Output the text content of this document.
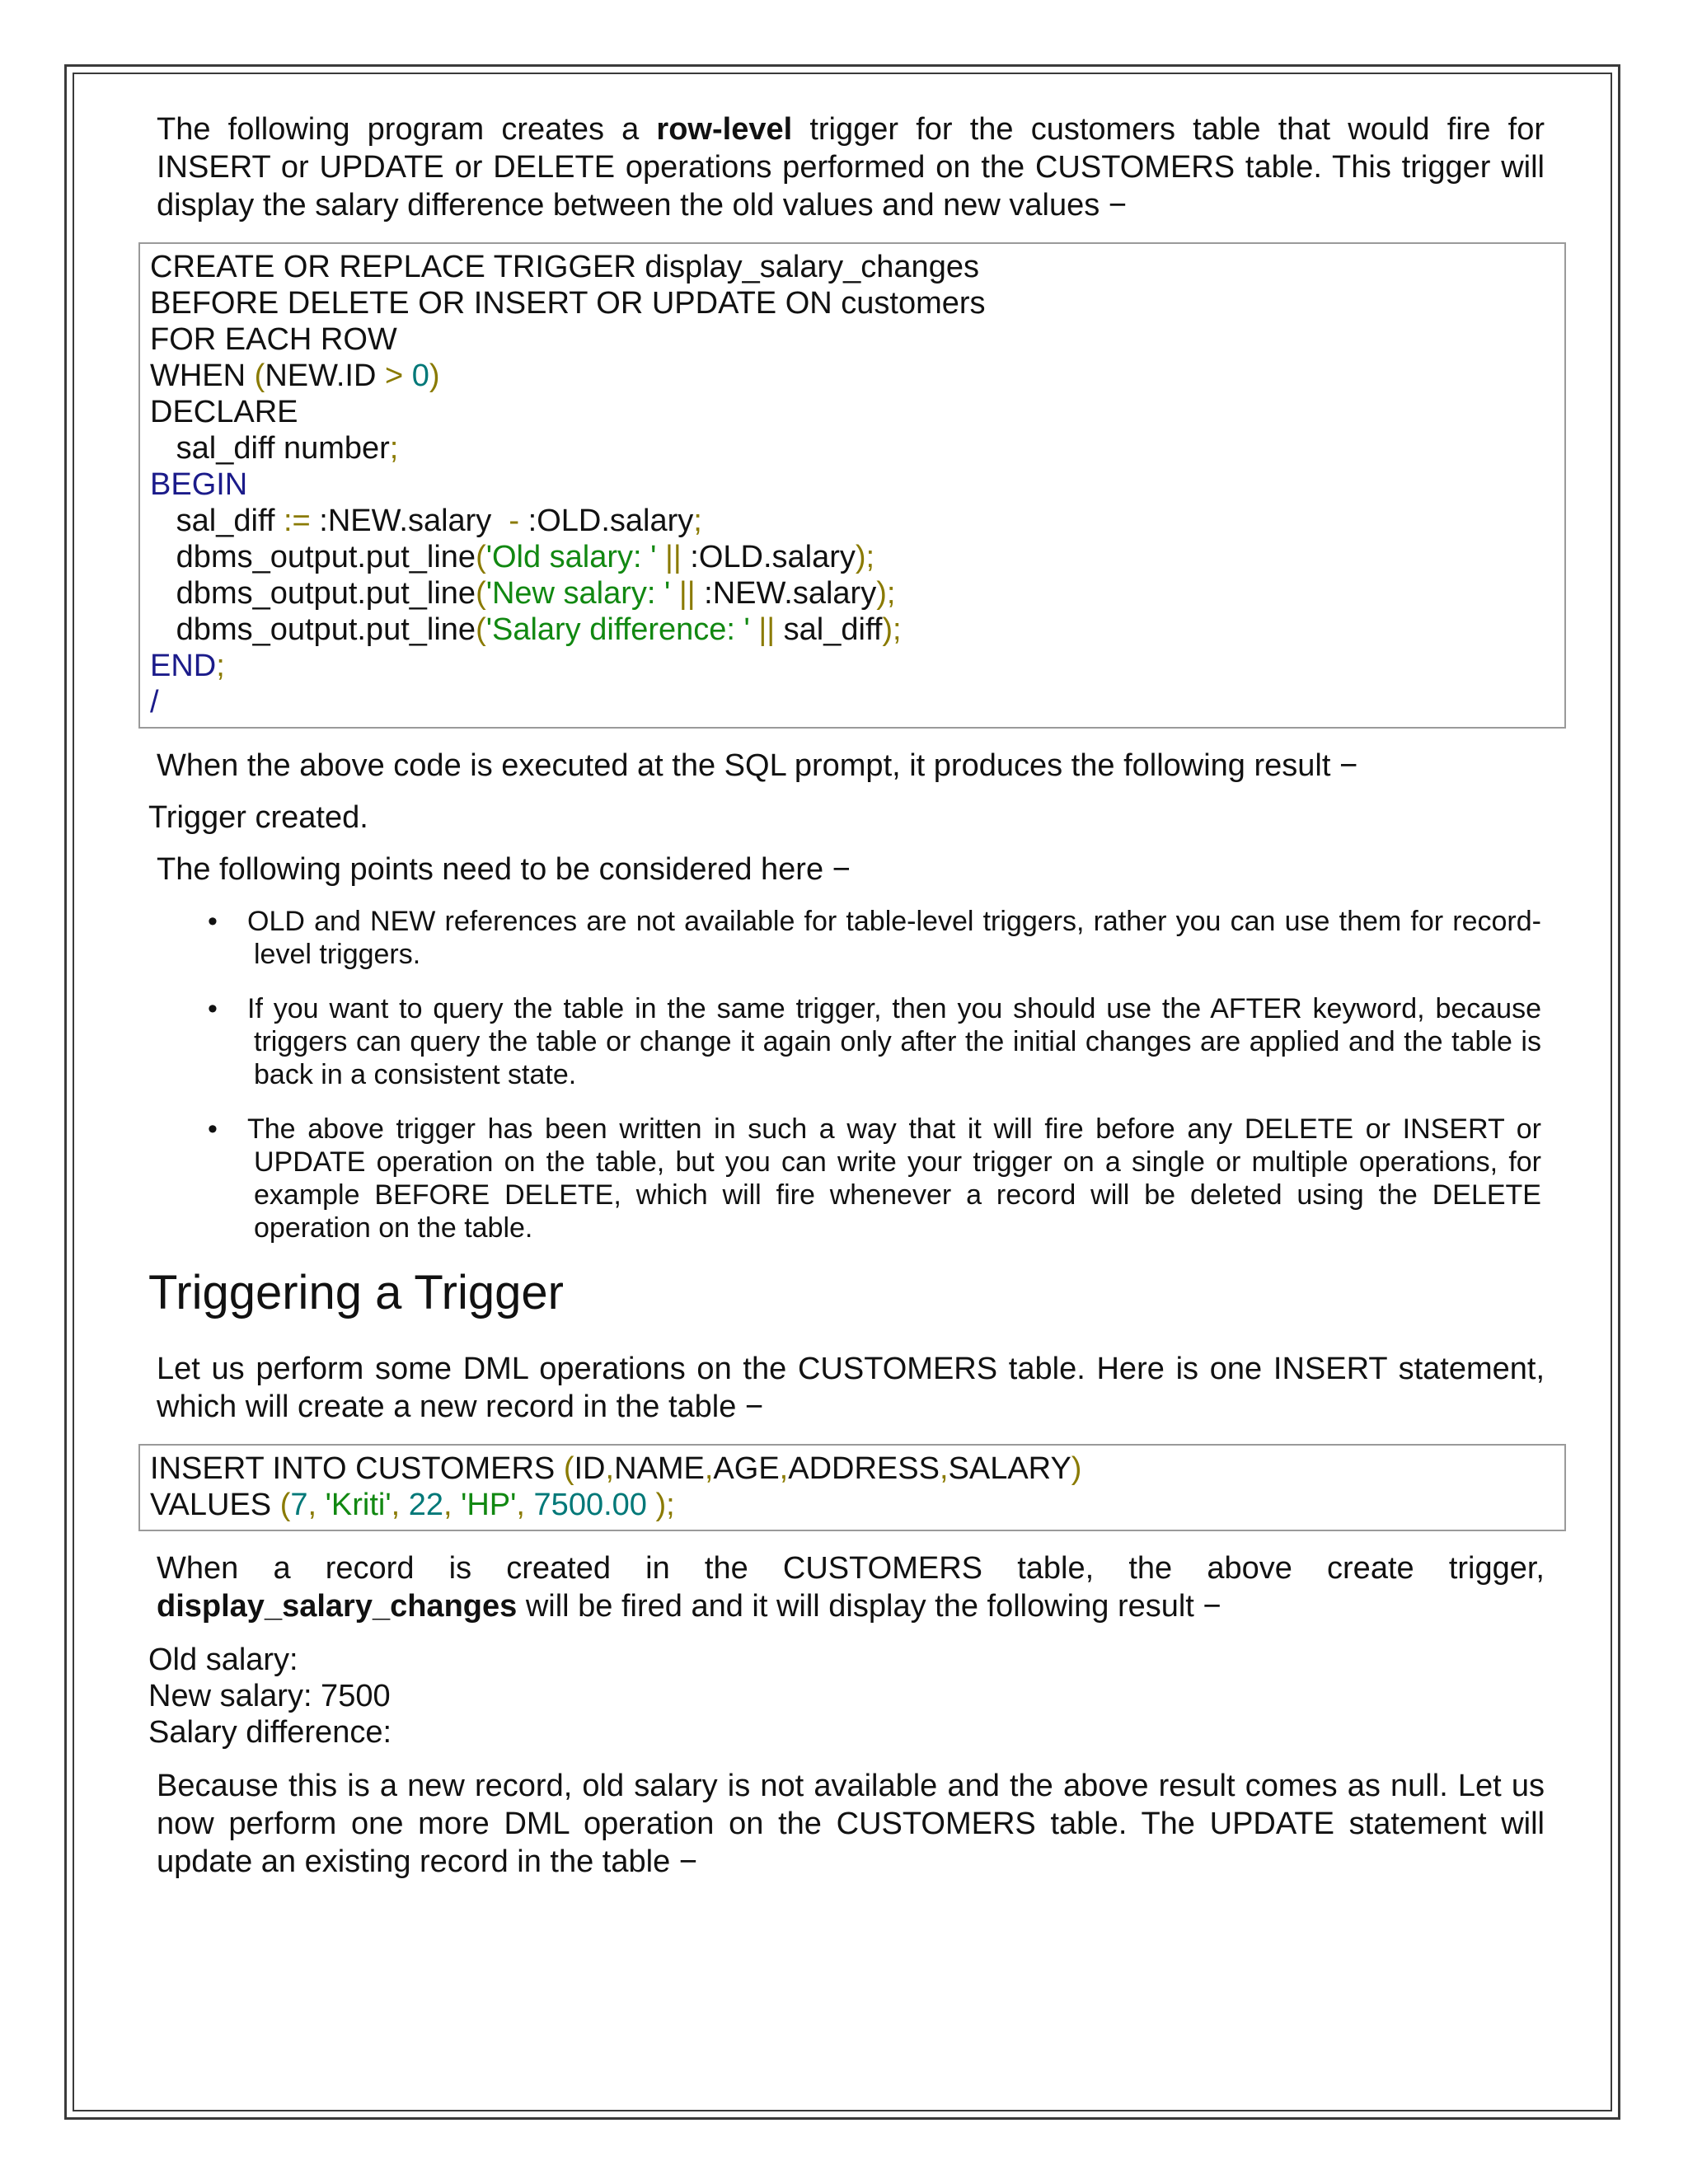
The following program creates a row-level trigger for the customers table that would fire for INSERT or UPDATE or DELETE operations performed on the CUSTOMERS table. This trigger will display the salary difference between the old values and new values −

CREATE OR REPLACE TRIGGER display_salary_changes
BEFORE DELETE OR INSERT OR UPDATE ON customers
FOR EACH ROW
WHEN (NEW.ID > 0)
DECLARE
sal_diff number;
BEGIN
sal_diff := :NEW.salary  - :OLD.salary;
dbms_output.put_line('Old salary: ' || :OLD.salary);
dbms_output.put_line('New salary: ' || :NEW.salary);
dbms_output.put_line('Salary difference: ' || sal_diff);
END;
/

When the above code is executed at the SQL prompt, it produces the following result −

Trigger created.

The following points need to be considered here −

• OLD and NEW references are not available for table-level triggers, rather you can use them for record-level triggers.
• If you want to query the table in the same trigger, then you should use the AFTER keyword, because triggers can query the table or change it again only after the initial changes are applied and the table is back in a consistent state.
• The above trigger has been written in such a way that it will fire before any DELETE or INSERT or UPDATE operation on the table, but you can write your trigger on a single or multiple operations, for example BEFORE DELETE, which will fire whenever a record will be deleted using the DELETE operation on the table.
Triggering a Trigger

Let us perform some DML operations on the CUSTOMERS table. Here is one INSERT statement, which will create a new record in the table −

INSERT INTO CUSTOMERS (ID,NAME,AGE,ADDRESS,SALARY)
VALUES (7, 'Kriti', 22, 'HP', 7500.00 );

When a record is created in the CUSTOMERS table, the above create trigger, display_salary_changes will be fired and it will display the following result −

Old salary:
New salary: 7500
Salary difference:

Because this is a new record, old salary is not available and the above result comes as null. Let us now perform one more DML operation on the CUSTOMERS table. The UPDATE statement will update an existing record in the table −
